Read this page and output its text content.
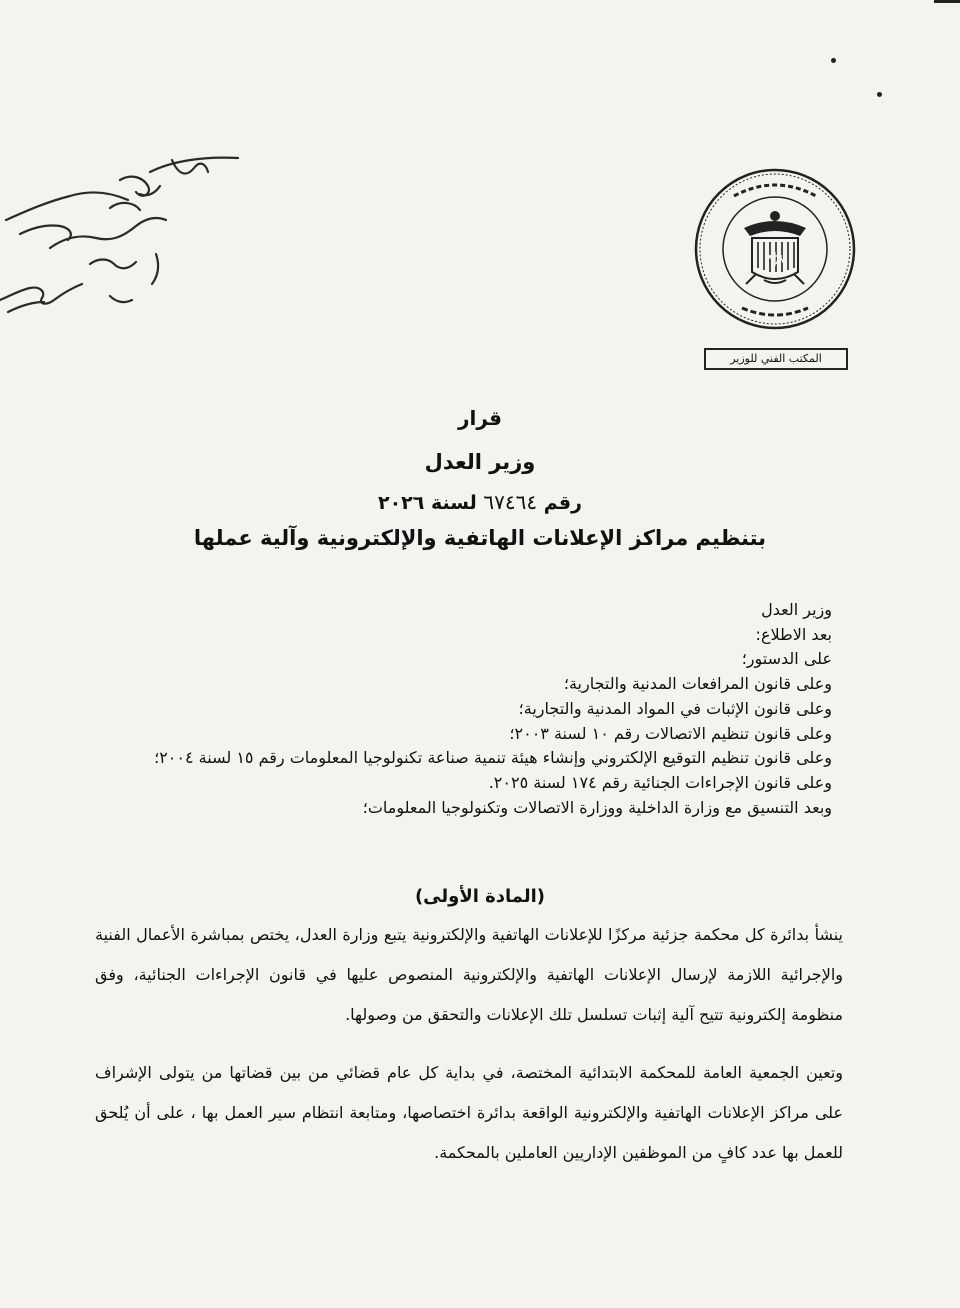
المكتب الفني للوزير
قرار
وزير العدل
رقم ٦٧٤٦٤ لسنة ٢٠٢٦
بتنظيم مراكز الإعلانات الهاتفية والإلكترونية وآلية عملها
وزير العدل
بعد الاطلاع:
على الدستور؛
وعلى قانون المرافعات المدنية والتجارية؛
وعلى قانون الإثبات في المواد المدنية والتجارية؛
وعلى قانون تنظيم الاتصالات رقم ١٠ لسنة ٢٠٠٣؛
وعلى قانون تنظيم التوقيع الإلكتروني وإنشاء هيئة تنمية صناعة تكنولوجيا المعلومات رقم ١٥ لسنة ٢٠٠٤؛
وعلى قانون الإجراءات الجنائية رقم ١٧٤ لسنة ٢٠٢٥.
وبعد التنسيق مع وزارة الداخلية ووزارة الاتصالات وتكنولوجيا المعلومات؛
(المادة الأولى)
ينشأ بدائرة كل محكمة جزئية مركزًا للإعلانات الهاتفية والإلكترونية يتبع وزارة العدل، يختص بمباشرة الأعمال الفنية والإجرائية اللازمة لإرسال الإعلانات الهاتفية والإلكترونية المنصوص عليها في قانون الإجراءات الجنائية، وفق منظومة إلكترونية تتيح آلية إثبات تسلسل تلك الإعلانات والتحقق من وصولها.
وتعين الجمعية العامة للمحكمة الابتدائية المختصة، في بداية كل عام قضائي من بين قضاتها من يتولى الإشراف على مراكز الإعلانات الهاتفية والإلكترونية الواقعة بدائرة اختصاصها، ومتابعة انتظام سير العمل بها ، على أن يُلحق للعمل بها عدد كافٍ من الموظفين الإداريين العاملين بالمحكمة.
